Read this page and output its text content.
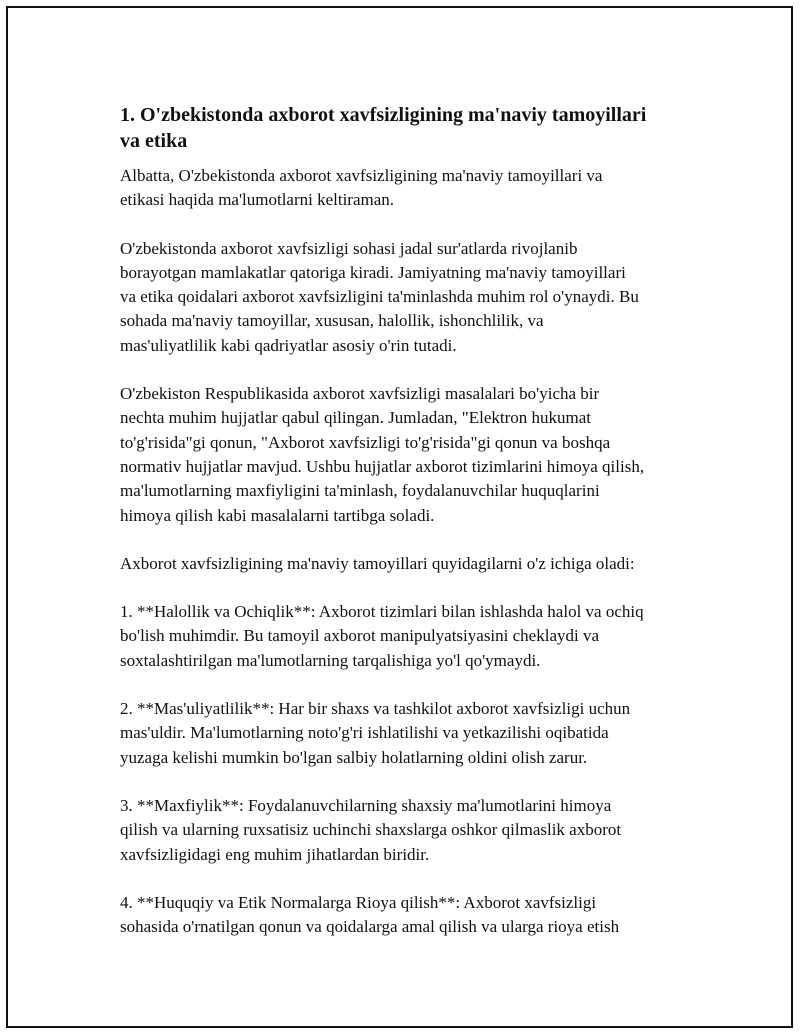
1. O'zbekistonda axborot xavfsizligining ma'naviy tamoyillari
va etika

Albatta, O'zbekistonda axborot xavfsizligining ma'naviy tamoyillari va
etikasi haqida ma'lumotlarni keltiraman.

O'zbekistonda axborot xavfsizligi sohasi jadal sur'atlarda rivojlanib
borayotgan mamlakatlar qatoriga kiradi. Jamiyatning ma'naviy tamoyillari
va etika qoidalari axborot xavfsizligini ta'minlashda muhim rol o'ynaydi. Bu
sohada ma'naviy tamoyillar, xususan, halollik, ishonchlilik, va
mas'uliyatlilik kabi qadriyatlar asosiy o'rin tutadi.

O'zbekiston Respublikasida axborot xavfsizligi masalalari bo'yicha bir
nechta muhim hujjatlar qabul qilingan. Jumladan, "Elektron hukumat
to'g'risida"gi qonun, "Axborot xavfsizligi to'g'risida"gi qonun va boshqa
normativ hujjatlar mavjud. Ushbu hujjatlar axborot tizimlarini himoya qilish,
ma'lumotlarning maxfiyligini ta'minlash, foydalanuvchilar huquqlarini
himoya qilish kabi masalalarni tartibga soladi.

Axborot xavfsizligining ma'naviy tamoyillari quyidagilarni o'z ichiga oladi:

1. **Halollik va Ochiqlik**: Axborot tizimlari bilan ishlashda halol va ochiq
bo'lish muhimdir. Bu tamoyil axborot manipulyatsiyasini cheklaydi va
soxtalashtirilgan ma'lumotlarning tarqalishiga yo'l qo'ymaydi.

2. **Mas'uliyatlilik**: Har bir shaxs va tashkilot axborot xavfsizligi uchun
mas'uldir. Ma'lumotlarning noto'g'ri ishlatilishi va yetkazilishi oqibatida
yuzaga kelishi mumkin bo'lgan salbiy holatlarning oldini olish zarur.

3. **Maxfiylik**: Foydalanuvchilarning shaxsiy ma'lumotlarini himoya
qilish va ularning ruxsatisiz uchinchi shaxslarga oshkor qilmaslik axborot
xavfsizligidagi eng muhim jihatlardan biridir.

4. **Huquqiy va Etik Normalarga Rioya qilish**: Axborot xavfsizligi
sohasida o'rnatilgan qonun va qoidalarga amal qilish va ularga rioya etish
